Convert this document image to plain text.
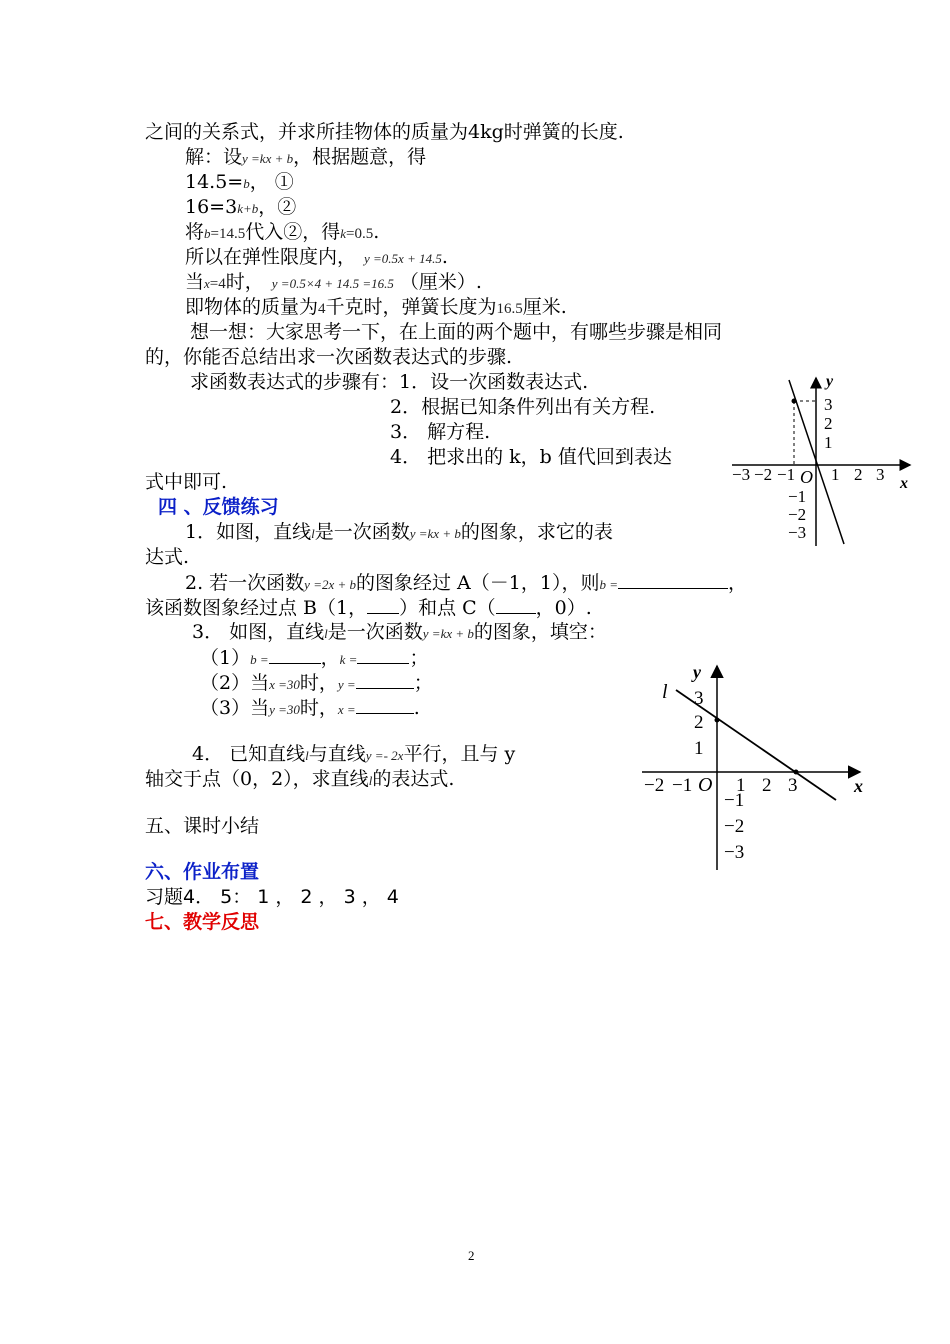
之间的关系式，并求所挂物体的质量为4kg时弹簧的长度.
解：设y =kx + b，根据题意，得
14.5=b， ①
16=3k+b，②
将b=14.5代入②，得k=0.5.
所以在弹性限度内， y =0.5x + 14.5.
当x=4时， y =0.5×4 + 14.5 =16.5 （厘米）.
即物体的质量为4千克时，弹簧长度为16.5厘米.
想一想：大家思考一下，在上面的两个题中，有哪些步骤是相同
的，你能否总结出求一次函数表达式的步骤.
求函数表达式的步骤有：1．设一次函数表达式.
2．根据已知条件列出有关方程.
3． 解方程.
4． 把求出的 k，b 值代回到表达
式中即可.
四 、反馈练习
1．如图，直线l是一次函数y =kx + b的图象，求它的表
达式.
2. 若一次函数y =2x + b的图象经过 A（－1，1），则b =	，
该函数图象经过点 B（1， ）和点 C（ ，0）.
3． 如图，直线l是一次函数y =kx + b的图象，填空：
（1）b =	，k =	；
（2）当x =30时，y =	；
（3）当y =30时，x =	.
4． 已知直线l与直线y =- 2x平行，且与 y
轴交于点（0，2），求直线l的表达式.
五、课时小结
六、作业布置
习题4． 5： 1 ， 2 ， 3 ， 4
七、教学反思
x
y
O
−3 −2 −1 1 2 3
3
2
1
−1
−2
−3
x
y
l
O
−2 −1 1 2 3
3
2
1
−1
−2
−3
2
